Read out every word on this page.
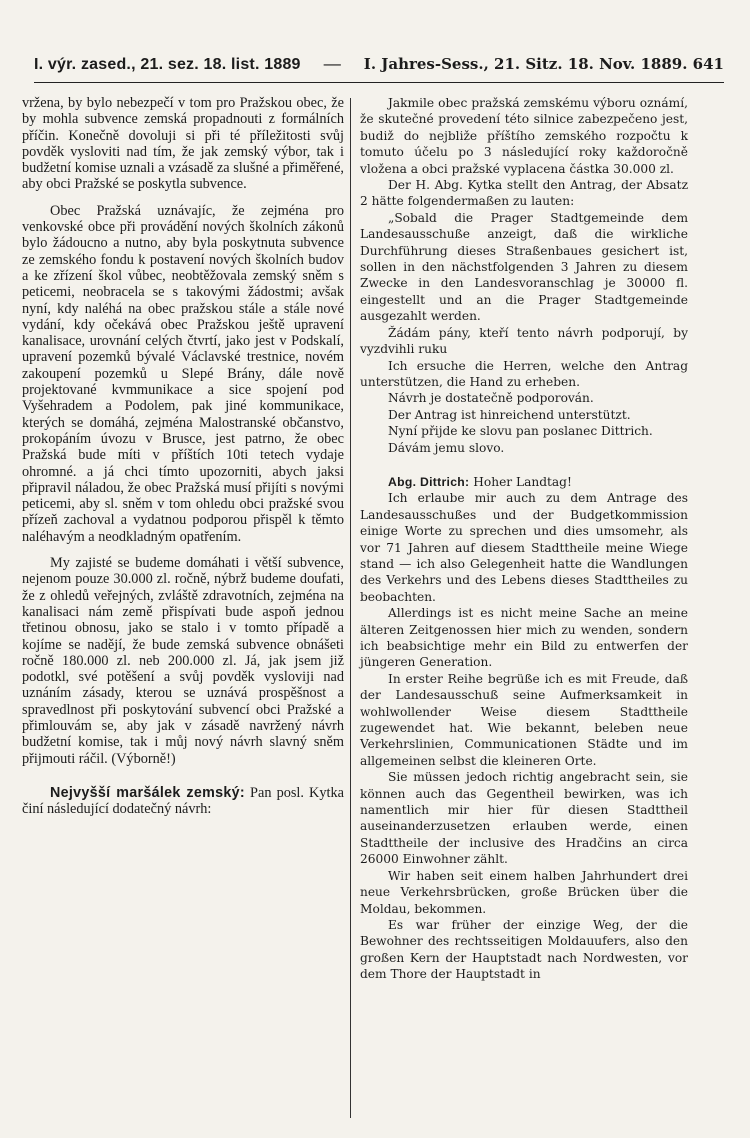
I. výr. zased., 21. sez. 18. list. 1889 — I. Jahres-Sess., 21. Sitz. 18. Nov. 1889. 641

vržena, by bylo nebezpečí v tom pro Pražskou obec, že by mohla subvence zemská propadnouti z formálních příčin. Konečně dovoluji si při té příležitosti svůj povděk vysloviti nad tím, že jak zemský výbor, tak i budžetní komise uznali a vzásadě za slušné a přiměřené, aby obci Pražské se poskytla subvence.

Obec Pražská uznávajíc, že zejména pro venkovské obce při provádění nových školních zákonů bylo žádoucno a nutno, aby byla poskytnuta subvence ze zemského fondu k postavení nových školních budov a ke zřízení škol vůbec, neobtěžovala zemský sněm s peticemi, neobracela se s takovými žádostmi; avšak nyní, kdy naléhá na obec pražskou stále a stále nové vydání, kdy očekává obec Pražskou ještě upravení kanalisace, urovnání celých čtvrtí, jako jest v Podskalí, upravení pozemků bývalé Václavské trestnice, novém zakoupení pozemků u Slepé Brány, dále nově projektované kvmmunikace a sice spojení pod Vyšehradem a Podolem, pak jiné kommunikace, kterých se domáhá, zejména Malostranské občanstvo, prokopáním úvozu v Brusce, jest patrno, že obec Pražská bude míti v příštích 10ti tetech vydaje ohromné. a já chci tímto upozorniti, abych jaksi připravil náladou, že obec Pražská musí přijíti s novými peticemi, aby sl. sněm v tom ohledu obci pražské svou přízeň zachoval a vydatnou podporou přispěl k těmto naléhavým a neodkladným opatřením.

My zajisté se budeme domáhati i větší subvence, nejenom pouze 30.000 zl. ročně, nýbrž budeme doufati, že z ohledů veřejných, zvláště zdravotních, zejména na kanalisaci nám země přispívati bude aspoň jednou třetinou obnosu, jako se stalo i v tomto případě a kojíme se nadějí, že bude zemská subvence obnášeti ročně 180.000 zl. neb 200.000 zl. Já, jak jsem již podotkl, své potěšení a svůj povděk vysloviji nad uznáním zásady, kterou se uznává prospěšnost a spravedlnost při poskytování subvencí obci Pražské a přimlouvám se, aby jak v zásadě navržený návrh budžetní komise, tak i můj nový návrh slavný sněm přijmouti ráčil. (Výborně!)

Nejvyšší maršálek zemský: Pan posl. Kytka činí následující dodatečný návrh:

Jakmile obec pražská zemskému výboru oznámí, že skutečné provedení této silnice zabezpečeno jest, budiž do nejbliže příštího zemského rozpočtu k tomuto účelu po 3 následující roky každoročně vložena a obci pražské vyplacena částka 30.000 zl.

Der H. Abg. Kytka stellt den Antrag, der Absatz 2 hätte folgendermaßen zu lauten:

„Sobald die Prager Stadtgemeinde dem Landesausschuße anzeigt, daß die wirkliche Durchführung dieses Straßenbaues gesichert ist, sollen in den nächstfolgenden 3 Jahren zu diesem Zwecke in den Landesvoranschlag je 30000 fl. eingestellt und an die Prager Stadtgemeinde ausgezahlt werden.

Žádám pány, kteří tento návrh podporují, by vyzdvihli ruku

Ich ersuche die Herren, welche den Antrag unterstützen, die Hand zu erheben.

Návrh je dostatečně podporován.

Der Antrag ist hinreichend unterstützt.

Nyní přijde ke slovu pan poslanec Dittrich.

Dávám jemu slovo.

Abg. Dittrich: Hoher Landtag!

Ich erlaube mir auch zu dem Antrage des Landesausschußes und der Budgetkommission einige Worte zu sprechen und dies umsomehr, als vor 71 Jahren auf diesem Stadttheile meine Wiege stand — ich also Gelegenheit hatte die Wandlungen des Verkehrs und des Lebens dieses Stadttheiles zu beobachten.

Allerdings ist es nicht meine Sache an meine älteren Zeitgenossen hier mich zu wenden, sondern ich beabsichtige mehr ein Bild zu entwerfen der jüngeren Generation.

In erster Reihe begrüße ich es mit Freude, daß der Landesausschuß seine Aufmerksamkeit in wohlwollender Weise diesem Stadttheile zugewendet hat. Wie bekannt, beleben neue Verkehrslinien, Communicationen Städte und im allgemeinen selbst die kleineren Orte.

Sie müssen jedoch richtig angebracht sein, sie können auch das Gegentheil bewirken, was ich namentlich mir hier für diesen Stadttheil auseinanderzusetzen erlauben werde, einen Stadttheile der inclusive des Hradčins an circa 26000 Einwohner zählt.

Wir haben seit einem halben Jahrhundert drei neue Verkehrsbrücken, große Brücken über die Moldau, bekommen.

Es war früher der einzige Weg, der die Bewohner des rechtsseitigen Moldauufers, also den großen Kern der Hauptstadt nach Nordwesten, vor dem Thore der Hauptstadt in
